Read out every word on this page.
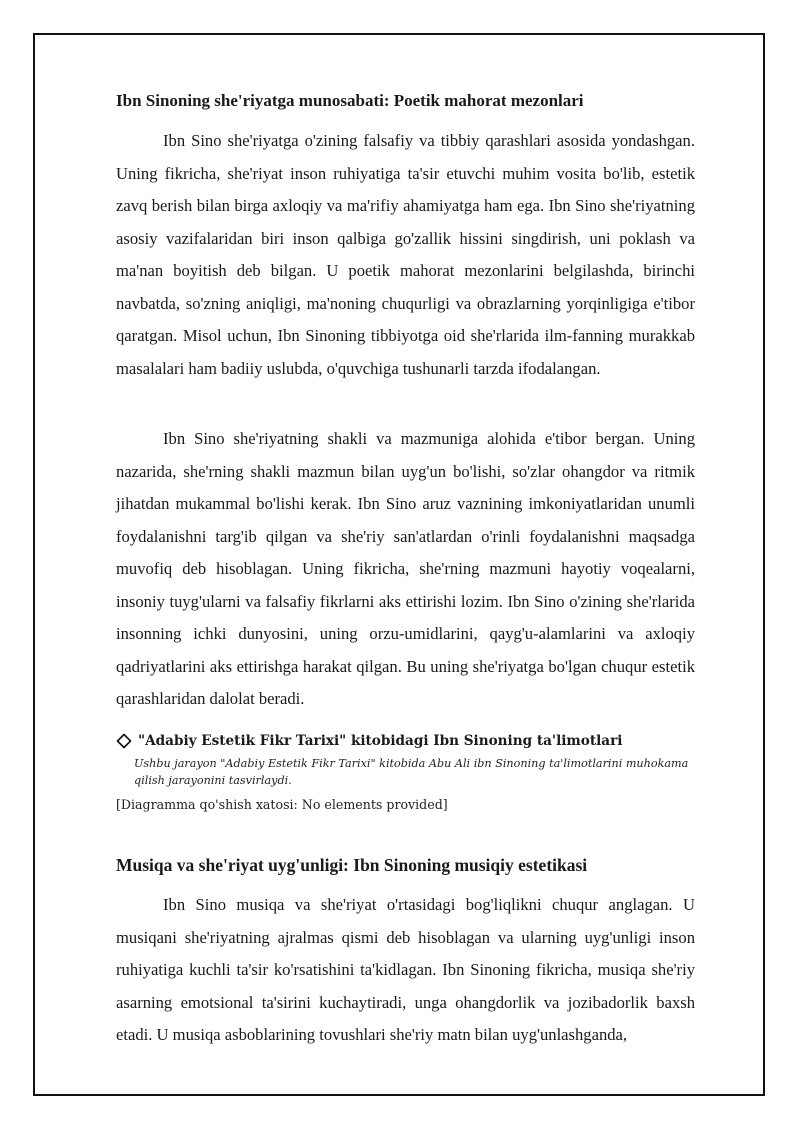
Ibn Sinoning she'riyatga munosabati: Poetik mahorat mezonlari

Ibn Sino she'riyatga o'zining falsafiy va tibbiy qarashlari asosida yondashgan. Uning fikricha, she'riyat inson ruhiyatiga ta'sir etuvchi muhim vosita bo'lib, estetik zavq berish bilan birga axloqiy va ma'rifiy ahamiyatga ham ega. Ibn Sino she'riyatning asosiy vazifalaridan biri inson qalbiga go'zallik hissini singdirish, uni poklash va ma'nan boyitish deb bilgan. U poetik mahorat mezonlarini belgilashda, birinchi navbatda, so'zning aniqligi, ma'noning chuqurligi va obrazlarning yorqinligiga e'tibor qaratgan. Misol uchun, Ibn Sinoning tibbiyotga oid she'rlarida ilm-fanning murakkab masalalari ham badiiy uslubda, o'quvchiga tushunarli tarzda ifodalangan.

Ibn Sino she'riyatning shakli va mazmuniga alohida e'tibor bergan. Uning nazarida, she'rning shakli mazmun bilan uyg'un bo'lishi, so'zlar ohangdor va ritmik jihatdan mukammal bo'lishi kerak. Ibn Sino aruz vaznining imkoniyatlaridan unumli foydalanishni targ'ib qilgan va she'riy san'atlardan o'rinli foydalanishni maqsadga muvofiq deb hisoblagan. Uning fikricha, she'rning mazmuni hayotiy voqealarni, insoniy tuyg'ularni va falsafiy fikrlarni aks ettirishi lozim. Ibn Sino o'zining she'rlarida insonning ichki dunyosini, uning orzu-umidlarini, qayg'u-alamlarini va axloqiy qadriyatlarini aks ettirishga harakat qilgan. Bu uning she'riyatga bo'lgan chuqur estetik qarashlaridan dalolat beradi.

"Adabiy Estetik Fikr Tarixi" kitobidagi Ibn Sinoning ta'limotlari

Ushbu jarayon "Adabiy Estetik Fikr Tarixi" kitobida Abu Ali ibn Sinoning ta'limotlarini muhokama qilish jarayonini tasvirlaydi.

[Diagramma qo'shish xatosi: No elements provided]

Musiqa va she'riyat uyg'unligi: Ibn Sinoning musiqiy estetikasi

Ibn Sino musiqa va she'riyat o'rtasidagi bog'liqlikni chuqur anglagan. U musiqani she'riyatning ajralmas qismi deb hisoblagan va ularning uyg'unligi inson ruhiyatiga kuchli ta'sir ko'rsatishini ta'kidlagan. Ibn Sinoning fikricha, musiqa she'riy asarning emotsional ta'sirini kuchaytiradi, unga ohangdorlik va jozibadorlik baxsh etadi. U musiqa asboblarining tovushlari she'riy matn bilan uyg'unlashganda,
